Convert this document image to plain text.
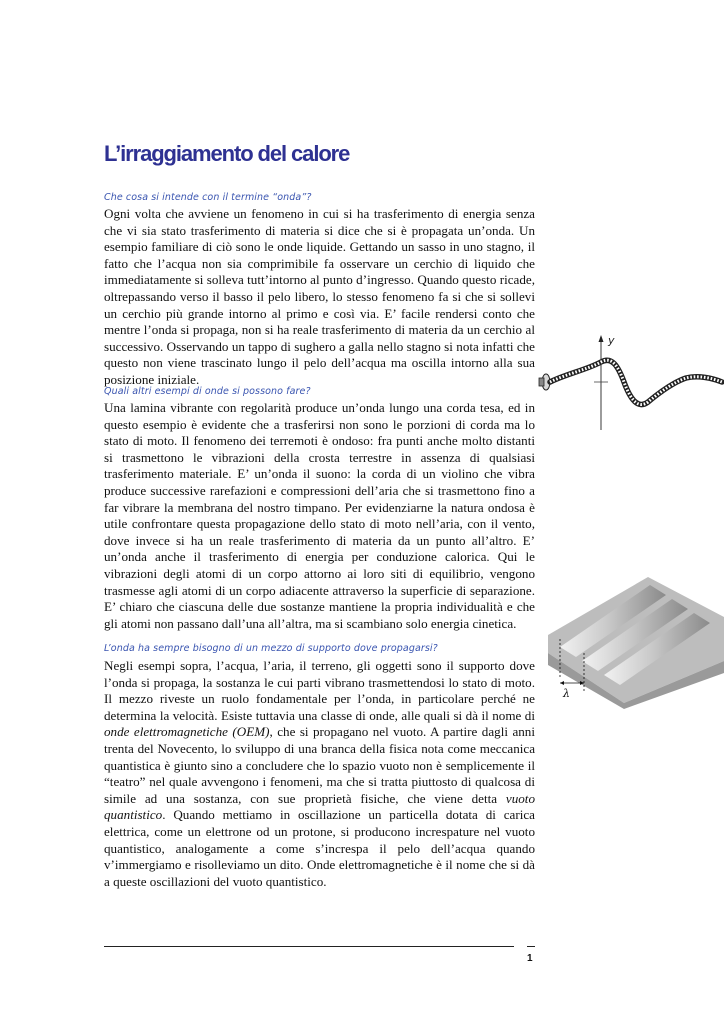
L’irraggiamento del calore
Che cosa si intende con il termine “onda”?

Ogni volta che avviene un fenomeno in cui si ha trasferimento di energia senza che vi sia stato trasferimento di materia si dice che si è propagata un’onda. Un esempio familiare di ciò sono le onde liquide. Gettando un sasso in uno stagno, il fatto che l’acqua non sia comprimibile fa osservare un cerchio di liquido che immediatamente si solleva tutt’intorno al punto d’ingresso. Quando questo ricade, oltrepassando verso il basso il pelo libero, lo stesso fenomeno fa si che si sollevi un cerchio più grande intorno al primo e così via. E’ facile rendersi conto che mentre l’onda si propaga, non si ha reale trasferimento di materia da un cerchio al successivo. Osservando un tappo di sughero a galla nello stagno si nota infatti che questo non viene trascinato lungo il pelo dell’acqua ma oscilla intorno alla sua posizione iniziale.

Quali altri esempi di onde si possono fare?

Una lamina vibrante con regolarità produce un’onda lungo una corda tesa, ed in questo esempio è evidente che a trasferirsi non sono le porzioni di corda ma lo stato di moto. Il fenomeno dei terremoti è ondoso: fra punti anche molto distanti si trasmettono le vibrazioni della crosta terrestre in assenza di qualsiasi trasferimento materiale. E’ un’onda il suono: la corda di un violino che vibra produce successive rarefazioni e compressioni dell’aria che si trasmettono fino a far vibrare la membrana del nostro timpano. Per evidenziarne la natura ondosa è utile confrontare questa propagazione dello stato di moto nell’aria, con il vento, dove invece si ha un reale trasferimento di materia da un punto all’altro. E’ un’onda anche il trasferimento di energia per conduzione calorica. Qui le vibrazioni degli atomi di un corpo attorno ai loro siti di equilibrio, vengono trasmesse agli atomi di un corpo adiacente attraverso la superficie di separazione. E’ chiaro che ciascuna delle due sostanze mantiene la propria individualità e che gli atomi non passano dall’una all’altra, ma si scambiano solo energia cinetica.

L’onda ha sempre bisogno di un mezzo di supporto dove propagarsi?

Negli esempi sopra, l’acqua, l’aria, il terreno, gli oggetti sono il supporto dove l’onda si propaga, la sostanza le cui parti vibrano trasmettendosi lo stato di moto. Il mezzo riveste un ruolo fondamentale per l’onda, in particolare perché ne determina la velocità. Esiste tuttavia una classe di onde, alle quali si dà il nome di onde elettromagnetiche (OEM), che si propagano nel vuoto. A partire dagli anni trenta del Novecento, lo sviluppo di una branca della fisica nota come meccanica quantistica è giunto sino a concludere che lo spazio vuoto non è semplicemente il “teatro” nel quale avvengono i fenomeni, ma che si tratta piuttosto di qualcosa di simile ad una sostanza, con sue proprietà fisiche, che viene detta vuoto quantistico. Quando mettiamo in oscillazione un particella dotata di carica elettrica, come un elettrone od un protone, si producono increspature nel vuoto quantistico, analogamente a come s’increspa il pelo dell’acqua quando v’immergiamo e risolleviamo un dito. Onde elettromagnetiche è il nome che si dà a queste oscillazioni del vuoto quantistico.

y
λ
1
